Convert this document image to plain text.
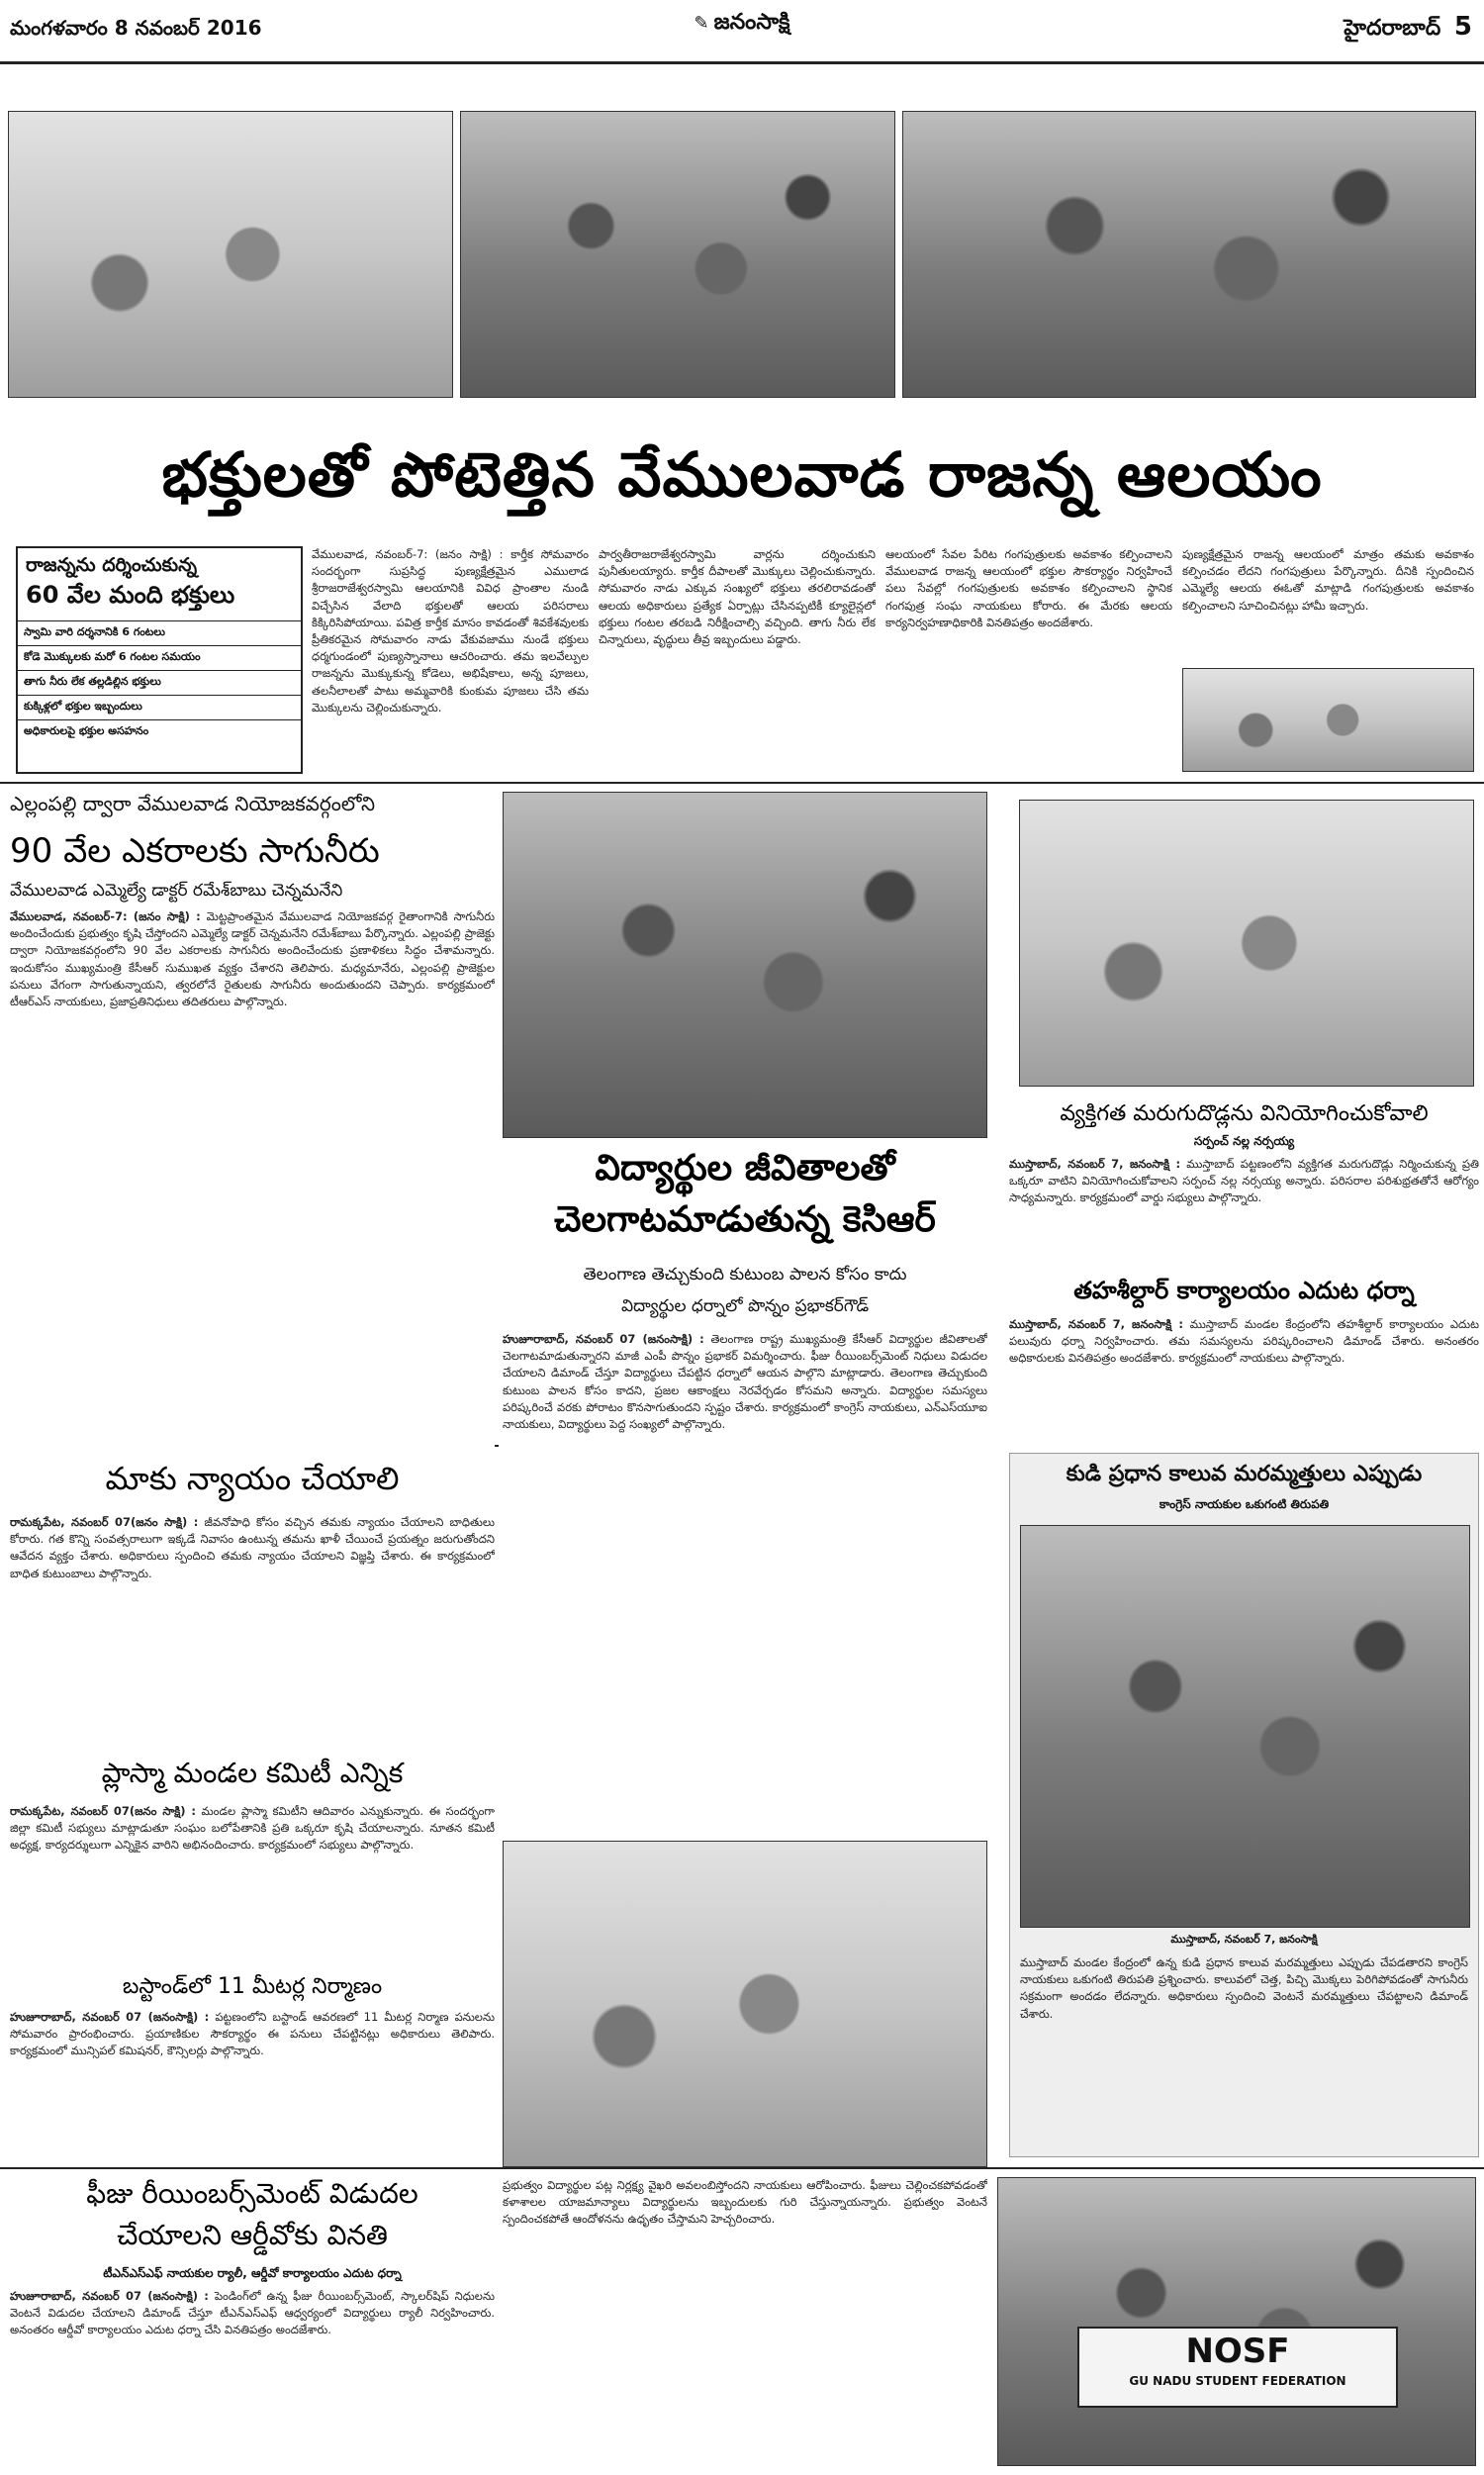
మంగళవారం 8 నవంబర్ 2016	✎ జనంసాక్షి	హైదరాబాద్ 5
భక్తులతో పోటెత్తిన వేములవాడ రాజన్న ఆలయం
రాజన్నను దర్శించుకున్న
60 వేల మంది భక్తులు
స్వామి వారి దర్శనానికి 6 గంటలు
కోడె మొక్కులకు మరో 6 గంటల సమయం
తాగు నీరు లేక తల్లడిల్లిన భక్తులు
కుక్కిళ్లలో భక్తుల ఇబ్బందులు
అధికారులపై భక్తుల అసహనం

వేములవాడ, నవంబర్-7: (జనం సాక్షి) : కార్తీక సోమవారం సందర్భంగా సుప్రసిద్ధ పుణ్యక్షేత్రమైన ఎములాడ శ్రీరాజరాజేశ్వరస్వామి ఆలయానికి వివిధ ప్రాంతాల నుండి విచ్చేసిన వేలాది భక్తులతో ఆలయ పరిసరాలు కిక్కిరిసిపోయాయి. పవిత్ర కార్తీక మాసం కావడంతో శివకేశవులకు ప్రీతికరమైన సోమవారం నాడు వేకువజాము నుండే భక్తులు ధర్మగుండంలో పుణ్యస్నానాలు ఆచరించారు. తమ ఇలవేల్పుల రాజన్నను మొక్కుకున్న కోడెలు, అభిషేకాలు, అన్న పూజలు, తలనీలాలతో పాటు అమ్మవారికి కుంకుమ పూజలు చేసి తమ మొక్కులను చెల్లించుకున్నారు.

పార్వతీరాజరాజేశ్వరస్వామి వార్లను దర్శించుకుని పునీతులయ్యారు. కార్తీక దీపాలతో మొక్కులు చెల్లించుకున్నారు. సోమవారం నాడు ఎక్కువ సంఖ్యలో భక్తులు తరలిరావడంతో ఆలయ అధికారులు ప్రత్యేక ఏర్పాట్లు చేసినప్పటికీ క్యూలైన్లలో భక్తులు గంటల తరబడి నిరీక్షించాల్సి వచ్చింది. తాగు నీరు లేక చిన్నారులు, వృద్ధులు తీవ్ర ఇబ్బందులు పడ్డారు.

ఆలయంలో సేవల పేరిట గంగపుత్రులకు అవకాశం కల్పించాలని వేములవాడ రాజన్న ఆలయంలో భక్తుల సౌకర్యార్థం నిర్వహించే పలు సేవల్లో గంగపుత్రులకు అవకాశం కల్పించాలని స్థానిక గంగపుత్ర సంఘ నాయకులు కోరారు. ఈ మేరకు ఆలయ కార్యనిర్వహణాధికారికి వినతిపత్రం అందజేశారు.

పుణ్యక్షేత్రమైన రాజన్న ఆలయంలో మాత్రం తమకు అవకాశం కల్పించడం లేదని గంగపుత్రులు పేర్కొన్నారు. దీనికి స్పందించిన ఎమ్మెల్యే ఆలయ ఈఓతో మాట్లాడి గంగపుత్రులకు అవకాశం కల్పించాలని సూచించినట్లు హామీ ఇచ్చారు.

ఎల్లంపల్లి ద్వారా వేములవాడ నియోజకవర్గంలోని
90 వేల ఎకరాలకు సాగునీరు
వేములవాడ ఎమ్మెల్యే డాక్టర్ రమేశ్‌బాబు చెన్నమనేని

వేములవాడ, నవంబర్-7: (జనం సాక్షి) : మెట్టప్రాంతమైన వేములవాడ నియోజకవర్గ రైతాంగానికి సాగునీరు అందించేందుకు ప్రభుత్వం కృషి చేస్తోందని ఎమ్మెల్యే డాక్టర్ చెన్నమనేని రమేశ్‌బాబు పేర్కొన్నారు. ఎల్లంపల్లి ప్రాజెక్టు ద్వారా నియోజకవర్గంలోని 90 వేల ఎకరాలకు సాగునీరు అందించేందుకు ప్రణాళికలు సిద్ధం చేశామన్నారు. ఇందుకోసం ముఖ్యమంత్రి కేసీఆర్ సుముఖత వ్యక్తం చేశారని తెలిపారు. మధ్యమానేరు, ఎల్లంపల్లి ప్రాజెక్టుల పనులు వేగంగా సాగుతున్నాయని, త్వరలోనే రైతులకు సాగునీరు అందుతుందని చెప్పారు. కార్యక్రమంలో టీఆర్ఎస్ నాయకులు, ప్రజాప్రతినిధులు తదితరులు పాల్గొన్నారు.

మాకు న్యాయం చేయాలి

రామక్కపేట, నవంబర్ 07(జనం సాక్షి) : జీవనోపాధి కోసం వచ్చిన తమకు న్యాయం చేయాలని బాధితులు కోరారు. గత కొన్ని సంవత్సరాలుగా ఇక్కడే నివాసం ఉంటున్న తమను ఖాళీ చేయించే ప్రయత్నం జరుగుతోందని ఆవేదన వ్యక్తం చేశారు. అధికారులు స్పందించి తమకు న్యాయం చేయాలని విజ్ఞప్తి చేశారు. ఈ కార్యక్రమంలో బాధిత కుటుంబాలు పాల్గొన్నారు.

ప్లాస్మా మండల కమిటీ ఎన్నిక

రామక్కపేట, నవంబర్ 07(జనం సాక్షి) : మండల ప్లాస్మా కమిటీని ఆదివారం ఎన్నుకున్నారు. ఈ సందర్భంగా జిల్లా కమిటీ సభ్యులు మాట్లాడుతూ సంఘం బలోపేతానికి ప్రతి ఒక్కరూ కృషి చేయాలన్నారు. నూతన కమిటీ అధ్యక్ష, కార్యదర్శులుగా ఎన్నికైన వారిని అభినందించారు. కార్యక్రమంలో సభ్యులు పాల్గొన్నారు.

బస్టాండ్‌లో 11 మీటర్ల నిర్మాణం

హుజూరాబాద్, నవంబర్ 07 (జనంసాక్షి) : పట్టణంలోని బస్టాండ్ ఆవరణలో 11 మీటర్ల నిర్మాణ పనులను సోమవారం ప్రారంభించారు. ప్రయాణికుల సౌకర్యార్థం ఈ పనులు చేపట్టినట్లు అధికారులు తెలిపారు. కార్యక్రమంలో మున్సిపల్ కమిషనర్, కౌన్సిలర్లు పాల్గొన్నారు.

విద్యార్థుల జీవితాలతో
చెలగాటమాడుతున్న కెసిఆర్
తెలంగాణ తెచ్చుకుంది కుటుంబ పాలన కోసం కాదు
విద్యార్థుల ధర్నాలో పొన్నం ప్రభాకర్‌గౌడ్

హుజూరాబాద్, నవంబర్ 07 (జనంసాక్షి) : తెలంగాణ రాష్ట్ర ముఖ్యమంత్రి కేసీఆర్ విద్యార్థుల జీవితాలతో చెలగాటమాడుతున్నారని మాజీ ఎంపీ పొన్నం ప్రభాకర్ విమర్శించారు. ఫీజు రీయింబర్స్‌మెంట్ నిధులు విడుదల చేయాలని డిమాండ్ చేస్తూ విద్యార్థులు చేపట్టిన ధర్నాలో ఆయన పాల్గొని మాట్లాడారు. తెలంగాణ తెచ్చుకుంది కుటుంబ పాలన కోసం కాదని, ప్రజల ఆకాంక్షలు నెరవేర్చడం కోసమని అన్నారు. విద్యార్థుల సమస్యలు పరిష్కరించే వరకు పోరాటం కొనసాగుతుందని స్పష్టం చేశారు. కార్యక్రమంలో కాంగ్రెస్ నాయకులు, ఎన్ఎస్‌యూఐ నాయకులు, విద్యార్థులు పెద్ద సంఖ్యలో పాల్గొన్నారు.

వ్యక్తిగత మరుగుదొడ్లను వినియోగించుకోవాలి
సర్పంచ్ నల్ల నర్సయ్య

ముస్తాబాద్, నవంబర్ 7, జనంసాక్షి : ముస్తాబాద్ పట్టణంలోని వ్యక్తిగత మరుగుదొడ్లు నిర్మించుకున్న ప్రతి ఒక్కరూ వాటిని వినియోగించుకోవాలని సర్పంచ్ నల్ల నర్సయ్య అన్నారు. పరిసరాల పరిశుభ్రతతోనే ఆరోగ్యం సాధ్యమన్నారు. కార్యక్రమంలో వార్డు సభ్యులు పాల్గొన్నారు.

తహశీల్దార్ కార్యాలయం ఎదుట ధర్నా

ముస్తాబాద్, నవంబర్ 7, జనంసాక్షి : ముస్తాబాద్ మండల కేంద్రంలోని తహశీల్దార్ కార్యాలయం ఎదుట పలువురు ధర్నా నిర్వహించారు. తమ సమస్యలను పరిష్కరించాలని డిమాండ్ చేశారు. అనంతరం అధికారులకు వినతిపత్రం అందజేశారు. కార్యక్రమంలో నాయకులు పాల్గొన్నారు.

కుడి ప్రధాన కాలువ మరమ్మత్తులు ఎప్పుడు
కాంగ్రెస్ నాయకుల ఒకుగంటి తిరుపతి
ముస్తాబాద్, నవంబర్ 7, జనంసాక్షి

ముస్తాబాద్ మండల కేంద్రంలో ఉన్న కుడి ప్రధాన కాలువ మరమ్మత్తులు ఎప్పుడు చేపడతారని కాంగ్రెస్ నాయకులు ఒకుగంటి తిరుపతి ప్రశ్నించారు. కాలువలో చెత్త, పిచ్చి మొక్కలు పెరిగిపోవడంతో సాగునీరు సక్రమంగా అందడం లేదన్నారు. అధికారులు స్పందించి వెంటనే మరమ్మత్తులు చేపట్టాలని డిమాండ్ చేశారు.

ఫీజు రీయింబర్స్‌మెంట్ విడుదల
చేయాలని ఆర్డీవోకు వినతి
టీఎన్ఎస్ఎఫ్ నాయకుల ర్యాలీ, ఆర్డీవో కార్యాలయం ఎదుట ధర్నా

హుజూరాబాద్, నవంబర్ 07 (జనంసాక్షి) : పెండింగ్‌లో ఉన్న ఫీజు రీయింబర్స్‌మెంట్, స్కాలర్‌షిప్ నిధులను వెంటనే విడుదల చేయాలని డిమాండ్ చేస్తూ టీఎన్ఎస్ఎఫ్ ఆధ్వర్యంలో విద్యార్థులు ర్యాలీ నిర్వహించారు. అనంతరం ఆర్డీవో కార్యాలయం ఎదుట ధర్నా చేసి వినతిపత్రం అందజేశారు.

ప్రభుత్వం విద్యార్థుల పట్ల నిర్లక్ష్య వైఖరి అవలంబిస్తోందని నాయకులు ఆరోపించారు. ఫీజులు చెల్లించకపోవడంతో కళాశాలల యాజమాన్యాలు విద్యార్థులను ఇబ్బందులకు గురి చేస్తున్నాయన్నారు. ప్రభుత్వం వెంటనే స్పందించకపోతే ఆందోళనను ఉధృతం చేస్తామని హెచ్చరించారు.

NOSF
GU NADU STUDENT FEDERATION
